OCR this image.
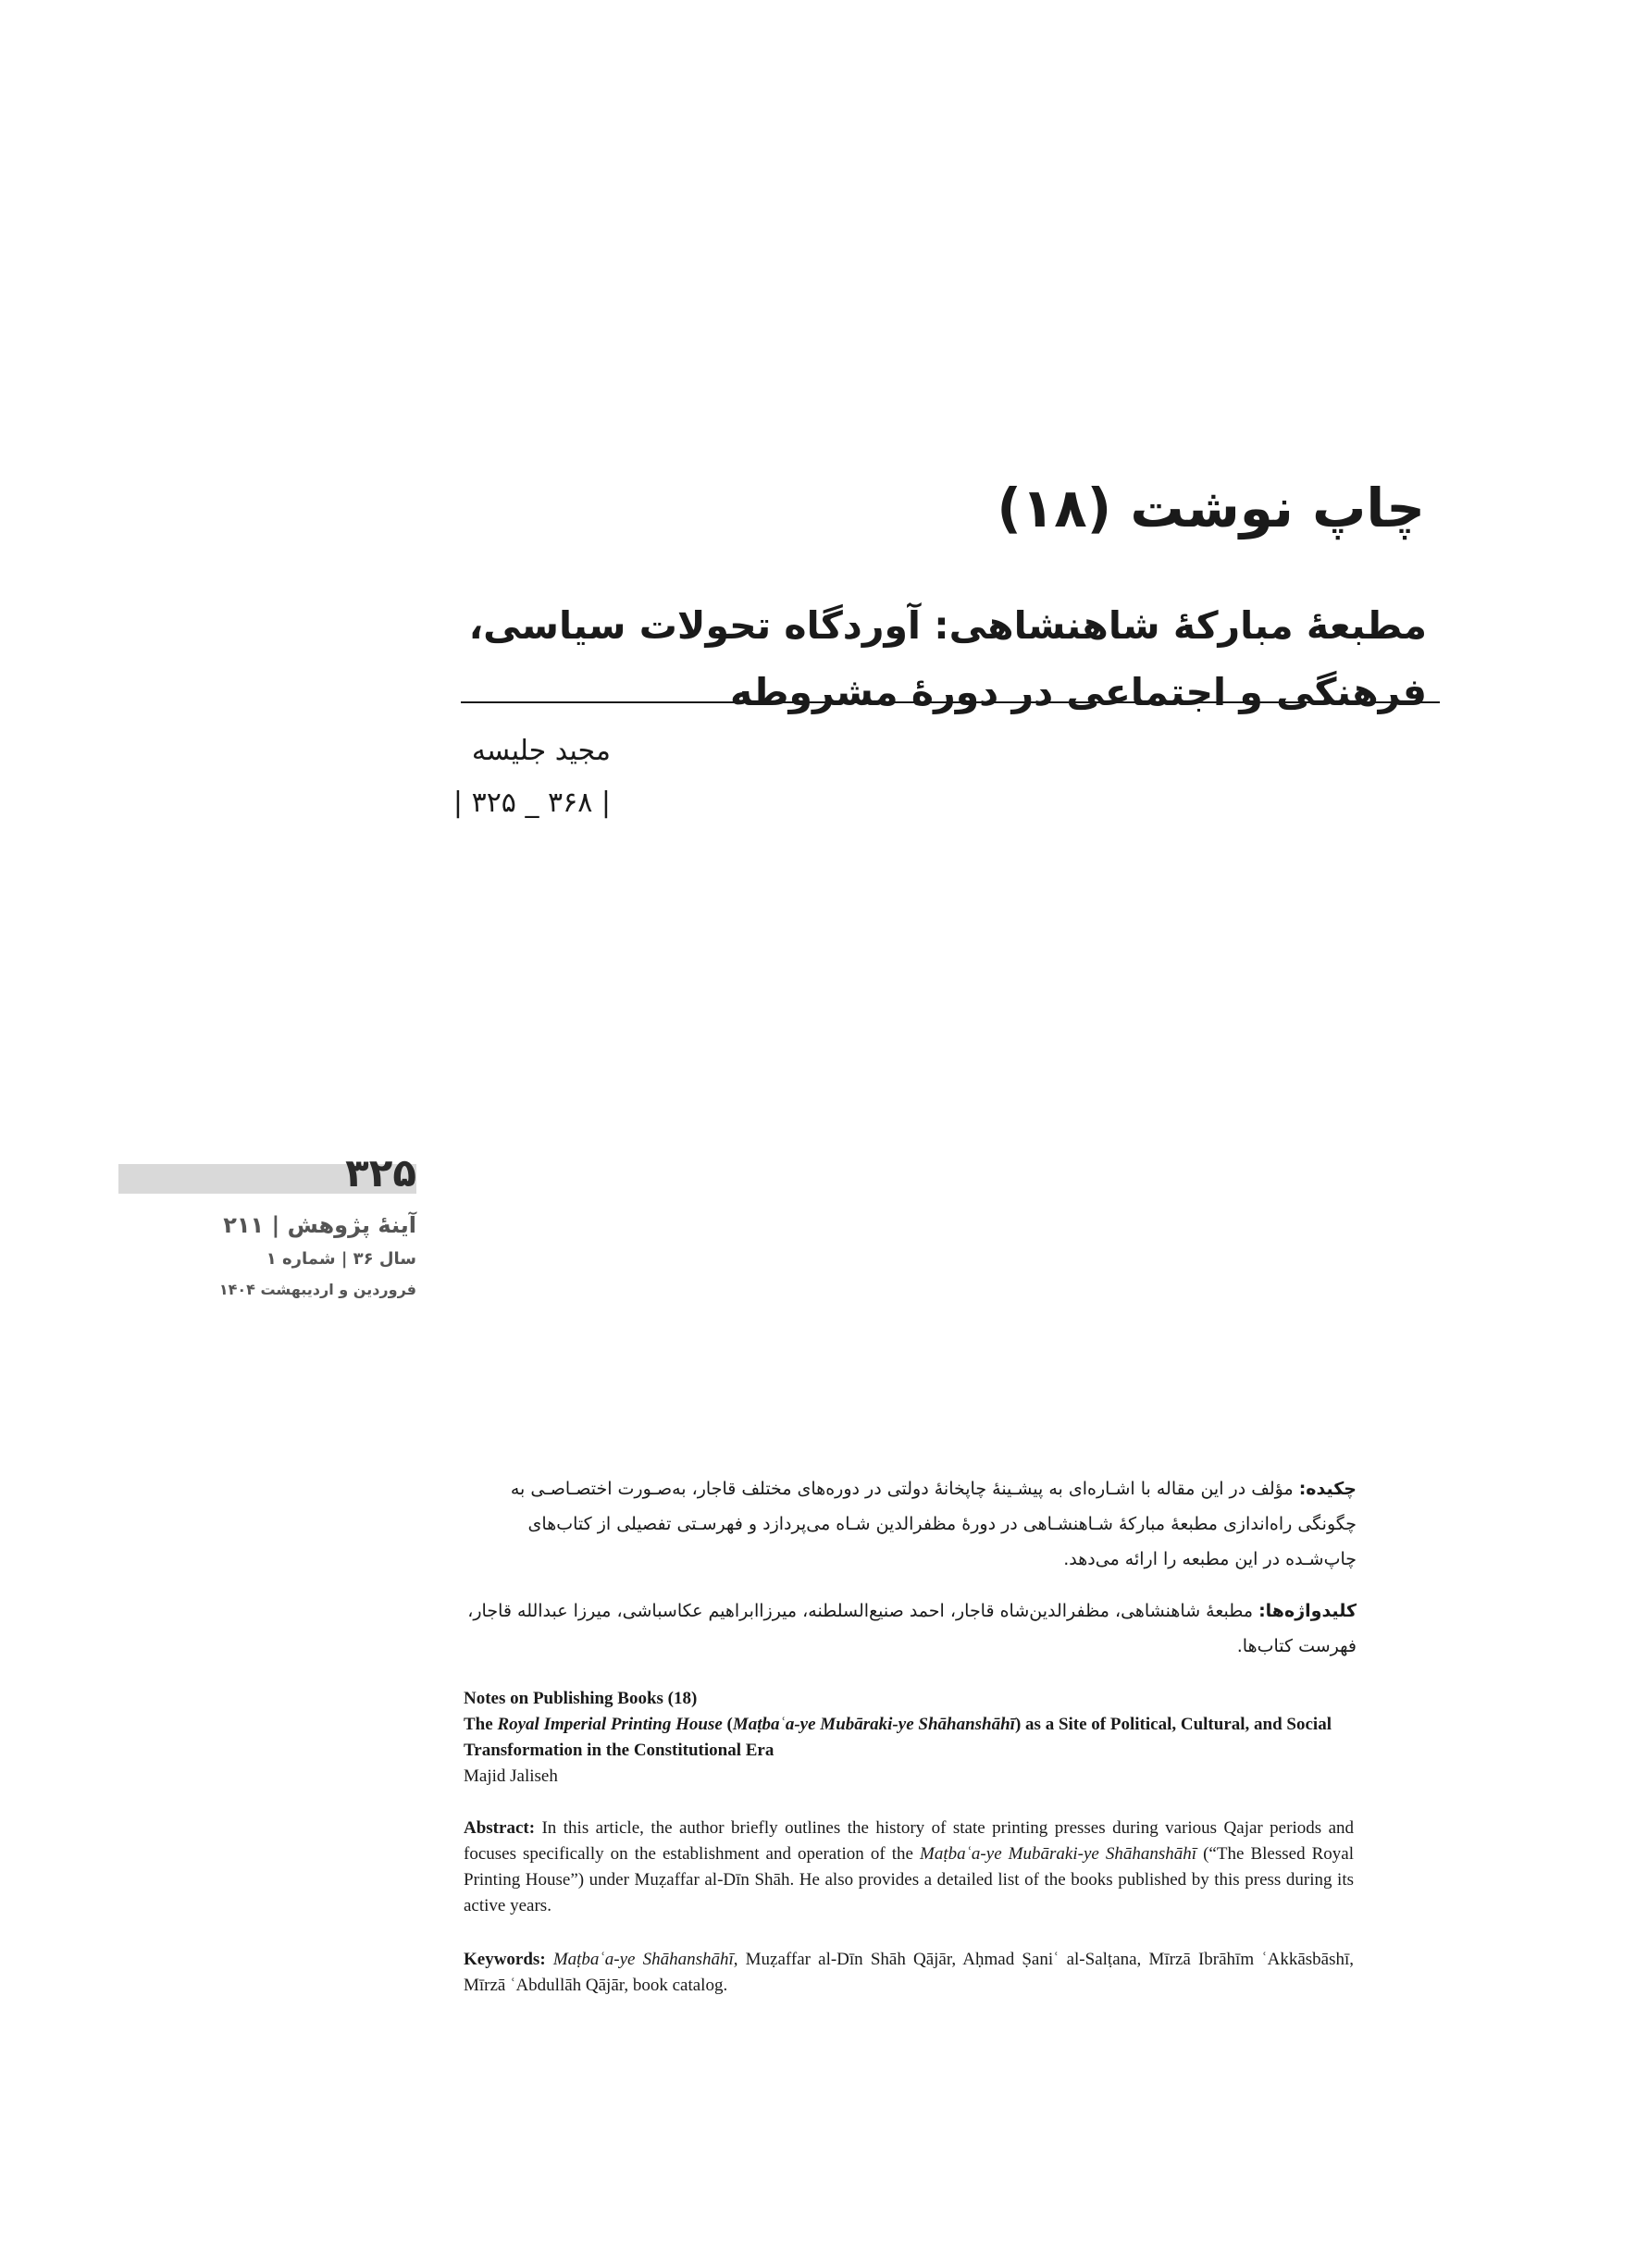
چاپ نوشت (۱۸)
مطبعهٔ مبارکهٔ شاهنشاهی: آوردگاه تحولات سیاسی، فرهنگی و اجتماعی در دورهٔ مشروطه
مجید جلیسه
| ۳۶۸ _ ۳۲۵ |
۳۲۵
آینهٔ پژوهش | ۲۱۱
سال ۳۶ | شماره ۱
فروردین و اردیبهشت ۱۴۰۴
چکیده: مؤلف در این مقاله با اشـاره‌ای به پیشـینهٔ چاپخانهٔ دولتی در دوره‌های مختلف قاجار، به‌صـورت اختصـاصـی به چگونگی راه‌اندازی مطبعهٔ مبارکهٔ شـاهنشـاهی در دورهٔ مظفرالدین شـاه می‌پردازد و فهرسـتی تفصیلی از کتاب‌های چاپ‌شـده در این مطبعه را ارائه می‌دهد.
کلیدواژه‌ها: مطبعهٔ شاهنشاهی، مظفرالدین‌شاه قاجار، احمد صنیع‌السلطنه، میرزاابراهیم عکاسباشی، میرزا عبدالله قاجار، فهرست کتاب‌ها.

Notes on Publishing Books (18)

The Royal Imperial Printing House (Maṭbaʿa-ye Mubāraki-ye Shāhanshāhī) as a Site of Political, Cultural, and Social Transformation in the Constitutional Era

Majid Jaliseh

Abstract: In this article, the author briefly outlines the history of state printing presses during various Qajar periods and focuses specifically on the establishment and operation of the Maṭbaʿa-ye Mubāraki-ye Shāhanshāhī (“The Blessed Royal Printing House”) under Muẓaffar al-Dīn Shāh. He also provides a detailed list of the books published by this press during its active years.
Keywords: Maṭbaʿa-ye Shāhanshāhī, Muẓaffar al-Dīn Shāh Qājār, Aḥmad Ṣaniʿ al-Salṭana, Mīrzā Ibrāhīm ʿAkkāsbāshī, Mīrzā ʿAbdullāh Qājār, book catalog.
